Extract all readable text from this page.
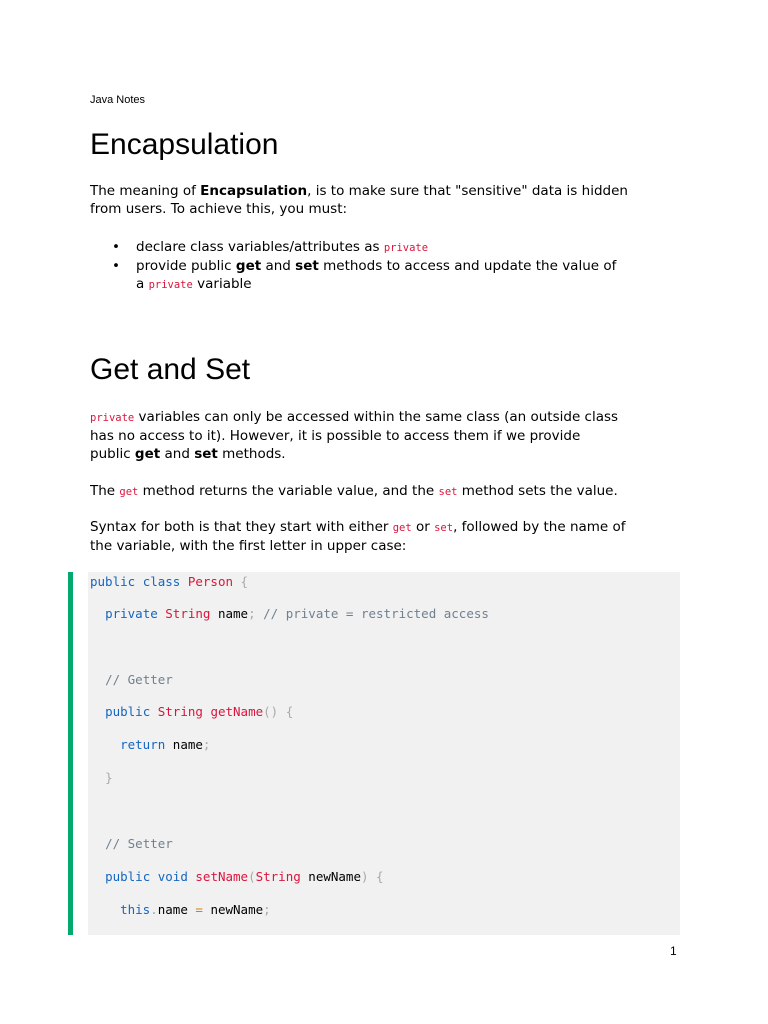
Java Notes
Encapsulation
The meaning of Encapsulation, is to make sure that "sensitive" data is hidden
from users. To achieve this, you must:
• declare class variables/attributes as private
• provide public get and set methods to access and update the value of
a private variable
Get and Set
private variables can only be accessed within the same class (an outside class
has no access to it). However, it is possible to access them if we provide
public get and set methods.
The get method returns the variable value, and the set method sets the value.
Syntax for both is that they start with either get or set, followed by the name of
the variable, with the first letter in upper case:
public class Person {
private String name; // private = restricted access
// Getter
public String getName() {
return name;
}
// Setter
public void setName(String newName) {
this.name = newName;
1
